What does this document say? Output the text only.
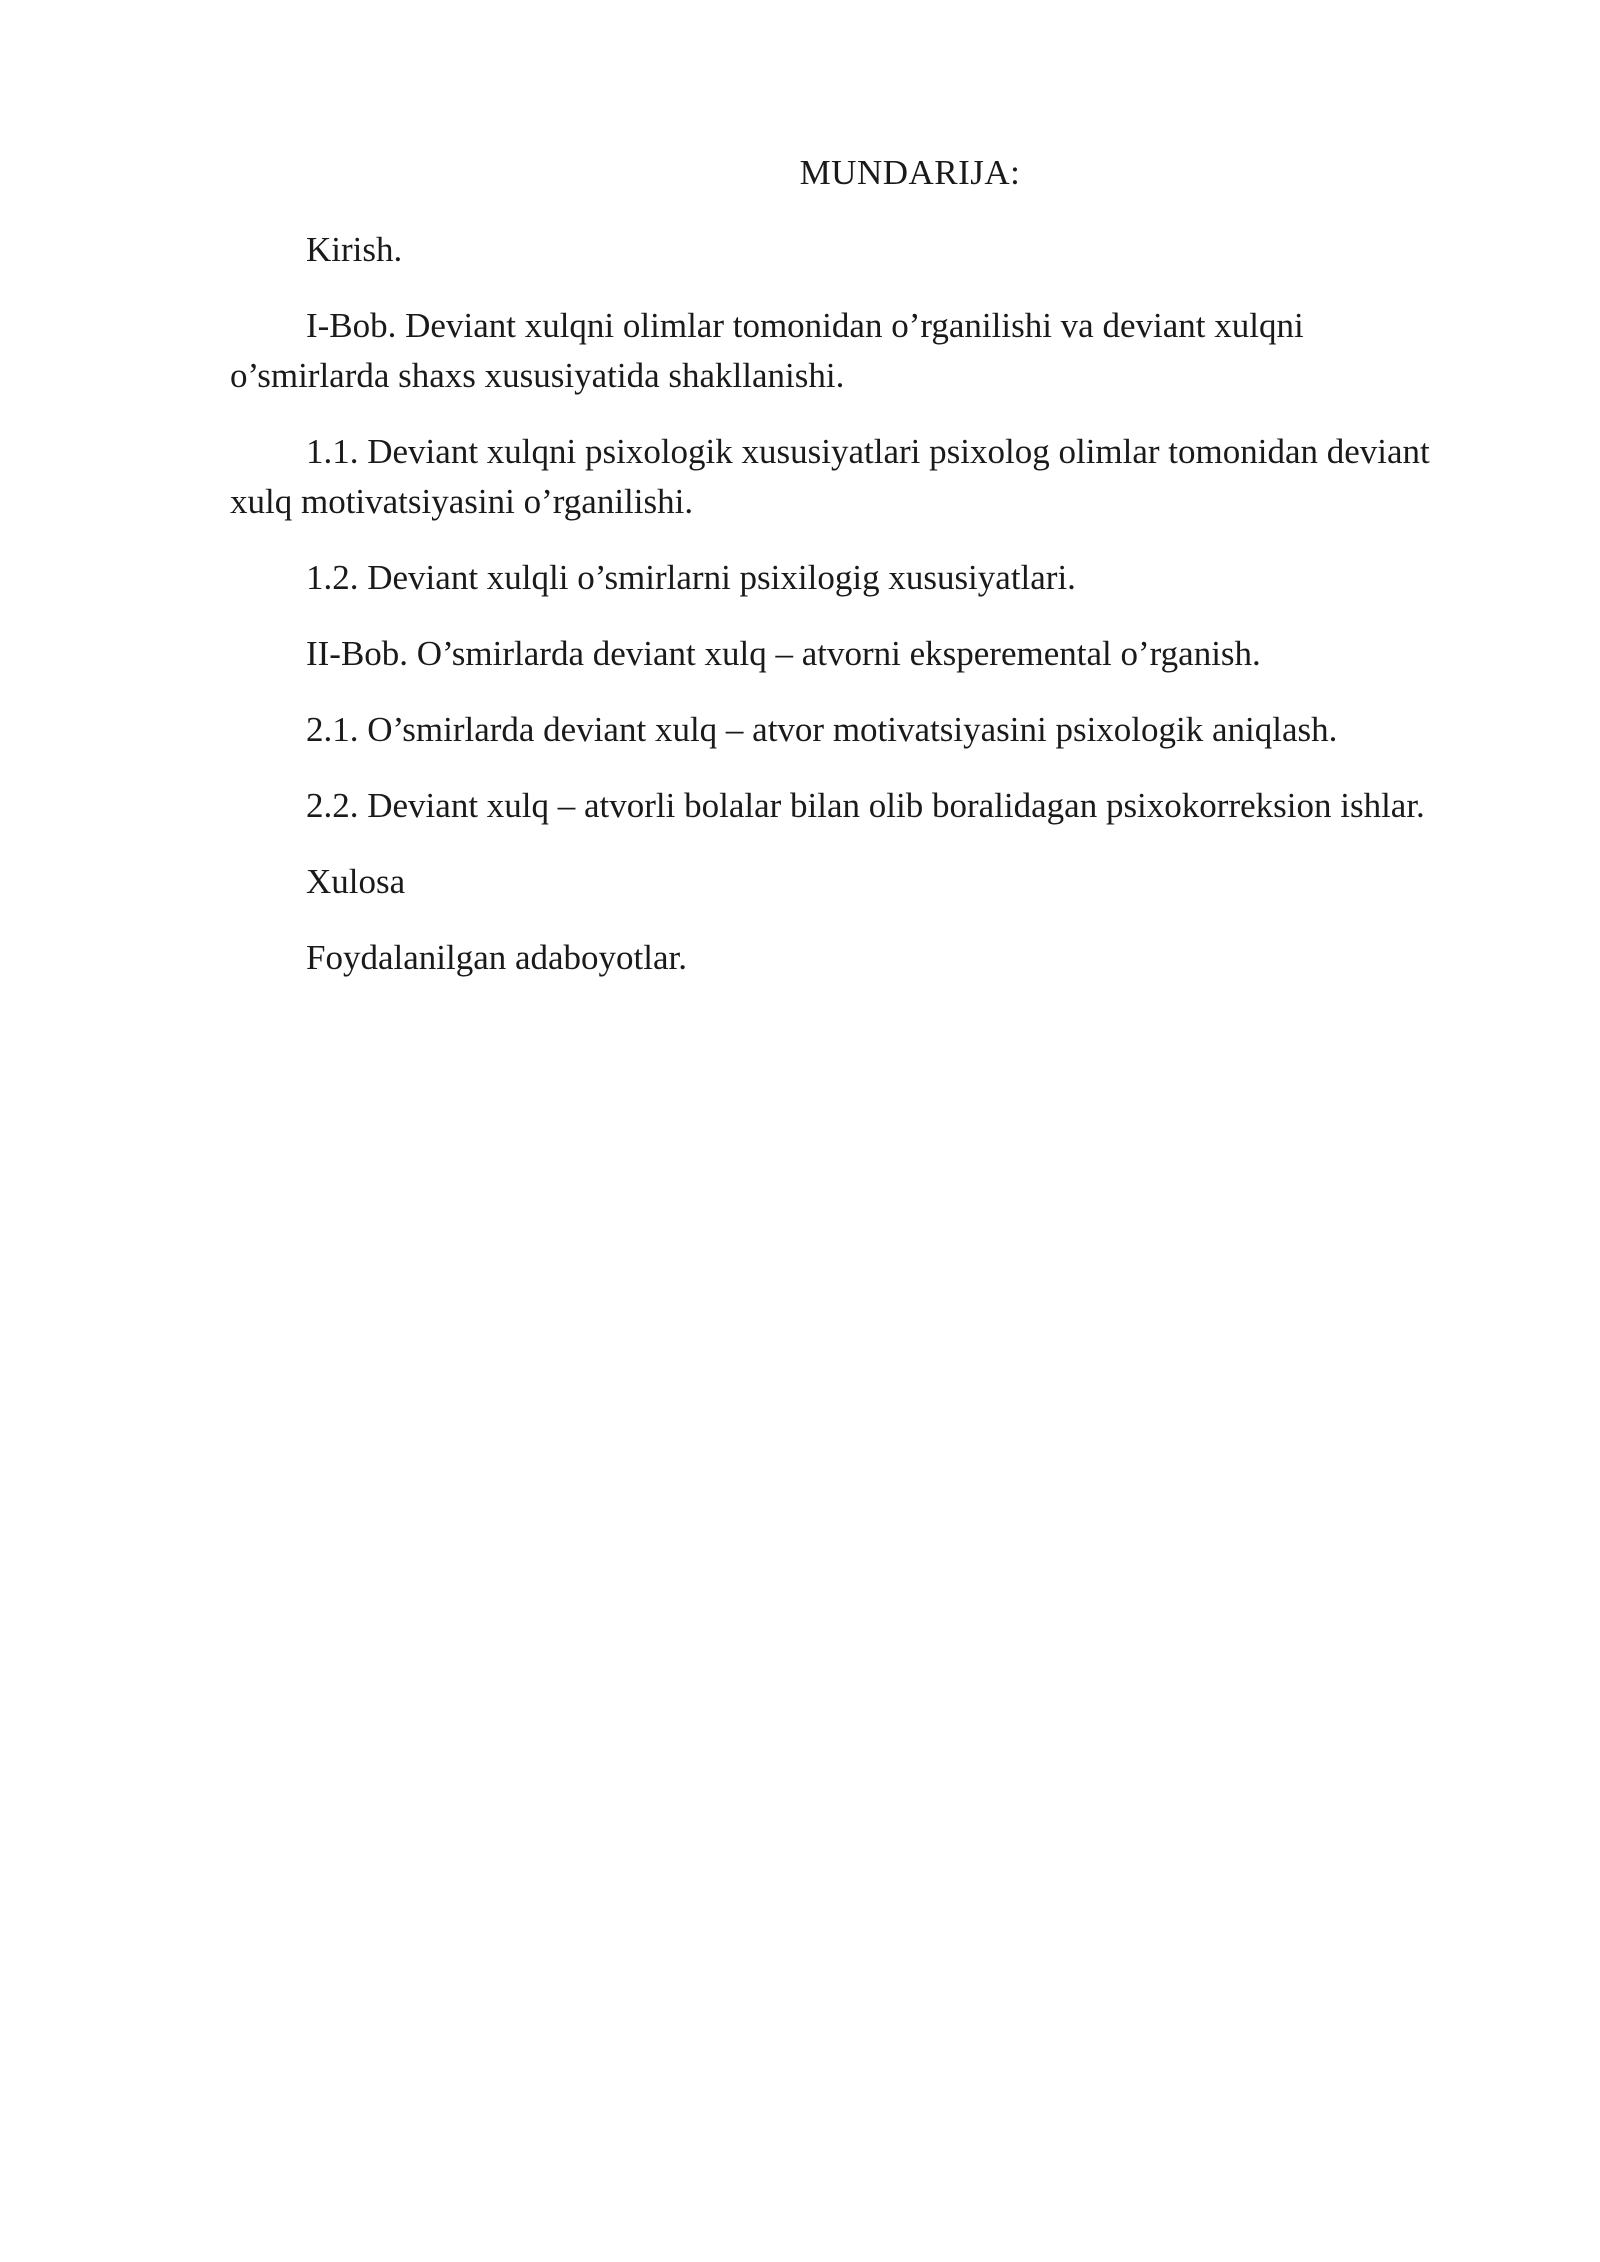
MUNDARIJA:

Kirish.

I-Bob. Deviant xulqni olimlar tomonidan o’rganilishi va deviant xulqni o’smirlarda shaxs xususiyatida shakllanishi.

1.1. Deviant xulqni psixologik xususiyatlari psixolog olimlar tomonidan deviant xulq motivatsiyasini o’rganilishi.

1.2. Deviant xulqli o’smirlarni psixilogig xususiyatlari.

II-Bob. O’smirlarda deviant xulq – atvorni eksperemental o’rganish.

2.1. O’smirlarda deviant xulq – atvor motivatsiyasini psixologik aniqlash.

2.2. Deviant xulq – atvorli bolalar bilan olib boralidagan psixokorreksion ishlar.

Xulosa

Foydalanilgan adaboyotlar.
